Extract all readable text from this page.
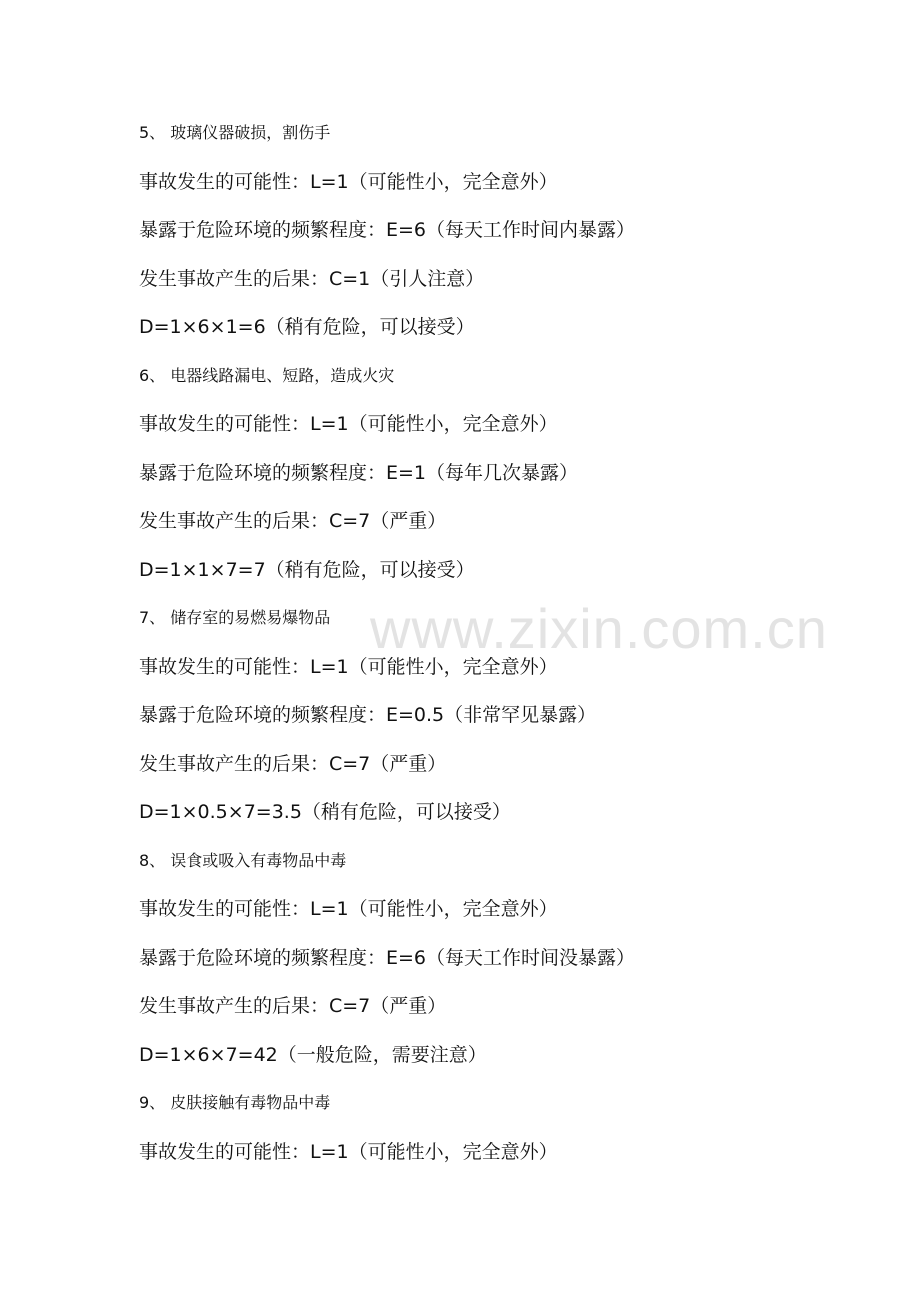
www.zixin.com.cn
5、 玻璃仪器破损，割伤手
事故发生的可能性：L=1（可能性小，完全意外）
暴露于危险环境的频繁程度：E=6（每天工作时间内暴露）
发生事故产生的后果：C=1（引人注意）
D=1×6×1=6（稍有危险，可以接受）
6、 电器线路漏电、短路，造成火灾
事故发生的可能性：L=1（可能性小，完全意外）
暴露于危险环境的频繁程度：E=1（每年几次暴露）
发生事故产生的后果：C=7（严重）
D=1×1×7=7（稍有危险，可以接受）
7、 储存室的易燃易爆物品
事故发生的可能性：L=1（可能性小，完全意外）
暴露于危险环境的频繁程度：E=0.5（非常罕见暴露）
发生事故产生的后果：C=7（严重）
D=1×0.5×7=3.5（稍有危险，可以接受）
8、 误食或吸入有毒物品中毒
事故发生的可能性：L=1（可能性小，完全意外）
暴露于危险环境的频繁程度：E=6（每天工作时间没暴露）
发生事故产生的后果：C=7（严重）
D=1×6×7=42（一般危险，需要注意）
9、 皮肤接触有毒物品中毒
事故发生的可能性：L=1（可能性小，完全意外）
